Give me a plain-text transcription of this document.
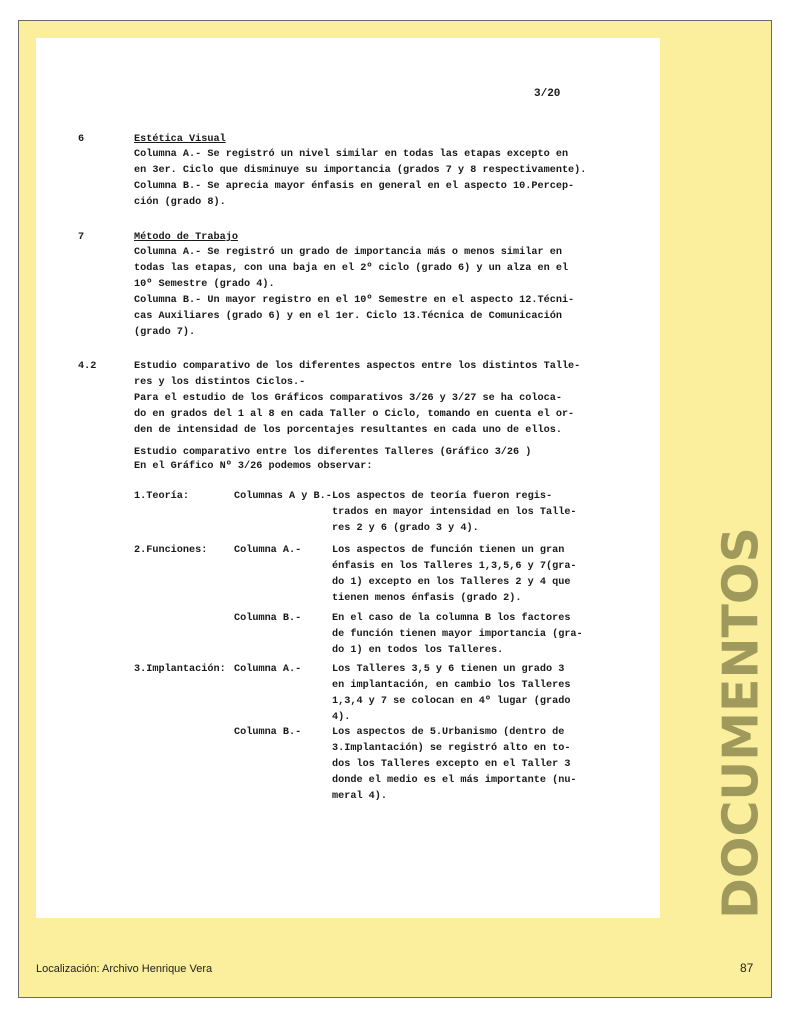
3/20
6	Estética Visual
Columna A.- Se registró un nivel similar en todas las etapas excepto en
en 3er. Ciclo que disminuye su importancia (grados 7 y 8 respectivamente).
Columna B.- Se aprecia mayor énfasis en general en el aspecto 10.Percep-
ción (grado 8).
7	Método de Trabajo
Columna A.- Se registró un grado de importancia más o menos similar en
todas las etapas, con una baja en el 2º ciclo (grado 6) y un alza en el
10º Semestre (grado 4).
Columna B.- Un mayor registro en el 10º Semestre en el aspecto 12.Técni-
cas Auxiliares (grado 6) y en el 1er. Ciclo 13.Técnica de Comunicación
(grado 7).
4.2	Estudio comparativo de los diferentes aspectos entre los distintos Talle-
res y los distintos Ciclos.-
Para el estudio de los Gráficos comparativos 3/26 y 3/27 se ha coloca-
do en grados del 1 al 8 en cada Taller o Ciclo, tomando en cuenta el or-
den de intensidad de los porcentajes resultantes en cada uno de ellos.
Estudio comparativo entre los diferentes Talleres (Gráfico 3/26 )
En el Gráfico Nº 3/26 podemos observar:
1.Teoría:	Columnas A y B.- Los aspectos de teoría fueron regis-
trados en mayor intensidad en los Talle-
res 2 y 6 (grado 3 y 4).
2.Funciones:	Columna A.-	Los aspectos de función tienen un gran
énfasis en los Talleres 1,3,5,6 y 7(gra-
do 1) excepto en los Talleres 2 y 4 que
tienen menos énfasis (grado 2).
Columna B.-	En el caso de la columna B los factores
de función tienen mayor importancia (gra-
do 1) en todos los Talleres.
3.Implantación: Columna A.-	Los Talleres 3,5 y 6 tienen un grado 3
en implantación, en cambio los Talleres
1,3,4 y 7 se colocan en 4º lugar (grado
4).
Columna B.-	Los aspectos de 5.Urbanismo (dentro de
3.Implantación) se registró alto en to-
dos los Talleres excepto en el Taller 3
donde el medio es el más importante (nu-
meral 4).	DOCUMENTOS
Localización: Archivo Henrique Vera	87
